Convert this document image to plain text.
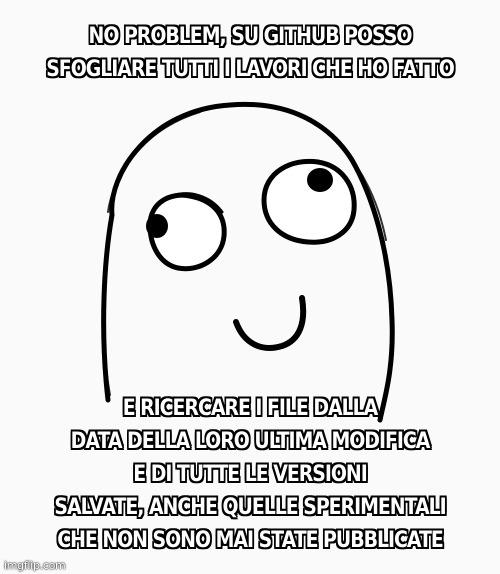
NO PROBLEM, SU GITHUB POSSO
SFOGLIARE TUTTI I LAVORI CHE HO FATTO
E RICERCARE I FILE DALLA
DATA DELLA LORO ULTIMA MODIFICA
E DI TUTTE LE VERSIONI
SALVATE, ANCHE QUELLE SPERIMENTALI
CHE NON SONO MAI STATE PUBBLICATE
imgflip.com
